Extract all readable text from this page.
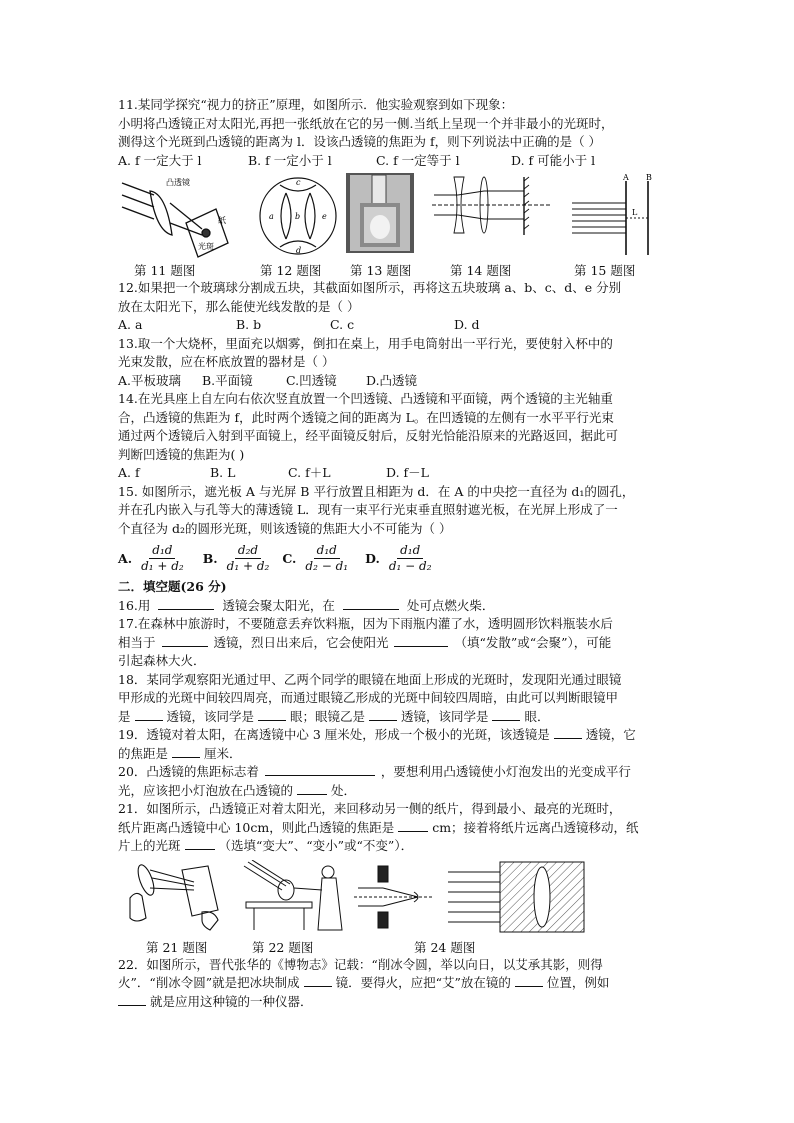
11.某同学探究“视力的挤正”原理，如图所示．他实验观察到如下现象：

小明将凸透镜正对太阳光,再把一张纸放在它的另一侧.当纸上呈现一个并非最小的光斑时，

测得这个光斑到凸透镜的距离为 l．设该凸透镜的焦距为 f，则下列说法中正确的是（ ）

A. f 一定大于 l	B. f 一定小于 l	C. f 一定等于 l	D. f 可能小于 l
凸透镜
纸
光斑
c
a	b	e
d
A B
L
第 11 题图	第 12 题图 第 13 题图	第 14 题图	第 15 题图

12.如果把一个玻璃球分割成五块，其截面如图所示，再将这五块玻璃 a、b、c、d、e 分别

放在太阳光下，那么能使光线发散的是（ ）

A. a	B. b	C. c	D. d

13.取一个大烧杯，里面充以烟雾，倒扣在桌上，用手电筒射出一平行光，要使射入杯中的

光束发散，应在杯底放置的器材是（ ）

A.平板玻璃	B.平面镜	C.凹透镜	D.凸透镜

14.在光具座上自左向右依次竖直放置一个凹透镜、凸透镜和平面镜，两个透镜的主光轴重

合，凸透镜的焦距为 f，此时两个透镜之间的距离为 L。在凹透镜的左侧有一水平平行光束

通过两个透镜后入射到平面镜上，经平面镜反射后，反射光恰能沿原来的光路返回，据此可

判断凹透镜的焦距为( )

A. f	B. L	C. f＋L	D. f－L

15. 如图所示，遮光板 A 与光屏 B 平行放置且相距为 d．在 A 的中央挖一直径为 d₁的圆孔，

并在孔内嵌入与孔等大的薄透镜 L．现有一束平行光束垂直照射遮光板，在光屏上形成了一

个直径为 d₂的圆形光斑，则该透镜的焦距大小不可能为（ ）

A. $\frac{\text{d₁d}}{\text{d₁ + d₂}} B$. $\frac{\text{d₂d}}{\text{d₁ + d₂}} C$. $\frac{\text{d₁d}}{\text{d₂ − d₁}} D$. $\frac{\text{d₁d}}{\text{d₁ − d₂}}$
二．填空题(26 分)

16.用	透镜会聚太阳光，在	处可点燃火柴．

17.在森林中旅游时，不要随意丢弃饮料瓶，因为下雨瓶内灌了水，透明圆形饮料瓶装水后

相当于	透镜，烈日出来后，它会使阳光	（填“发散”或“会聚”），可能

引起森林大火．

18．某同学观察阳光通过甲、乙两个同学的眼镜在地面上形成的光斑时，发现阳光通过眼镜

甲形成的光斑中间较四周亮，而通过眼镜乙形成的光斑中间较四周暗，由此可以判断眼镜甲

是	透镜，该同学是	眼；眼镜乙是	透镜，该同学是	眼．

19．透镜对着太阳，在离透镜中心 3 厘米处，形成一个极小的光斑，该透镜是	透镜，它

的焦距是	厘米．

20．凸透镜的焦距标志着	，要想利用凸透镜使小灯泡发出的光变成平行

光，应该把小灯泡放在凸透镜的	处．

21．如图所示，凸透镜正对着太阳光，来回移动另一侧的纸片，得到最小、最亮的光斑时，

纸片距离凸透镜中心 10cm，则此凸透镜的焦距是	cm；接着将纸片远离凸透镜移动，纸

片上的光斑	（选填“变大”、“变小”或“不变”）．

第 21 题图	第 22 题图	第 24 题图

22．如图所示，晋代张华的《博物志》记载：“削冰令圆，举以向日，以艾承其影，则得

火”．“削冰令圆”就是把冰块制成	镜．要得火，应把“艾”放在镜的	位置，例如

就是应用这种镜的一种仪器．
